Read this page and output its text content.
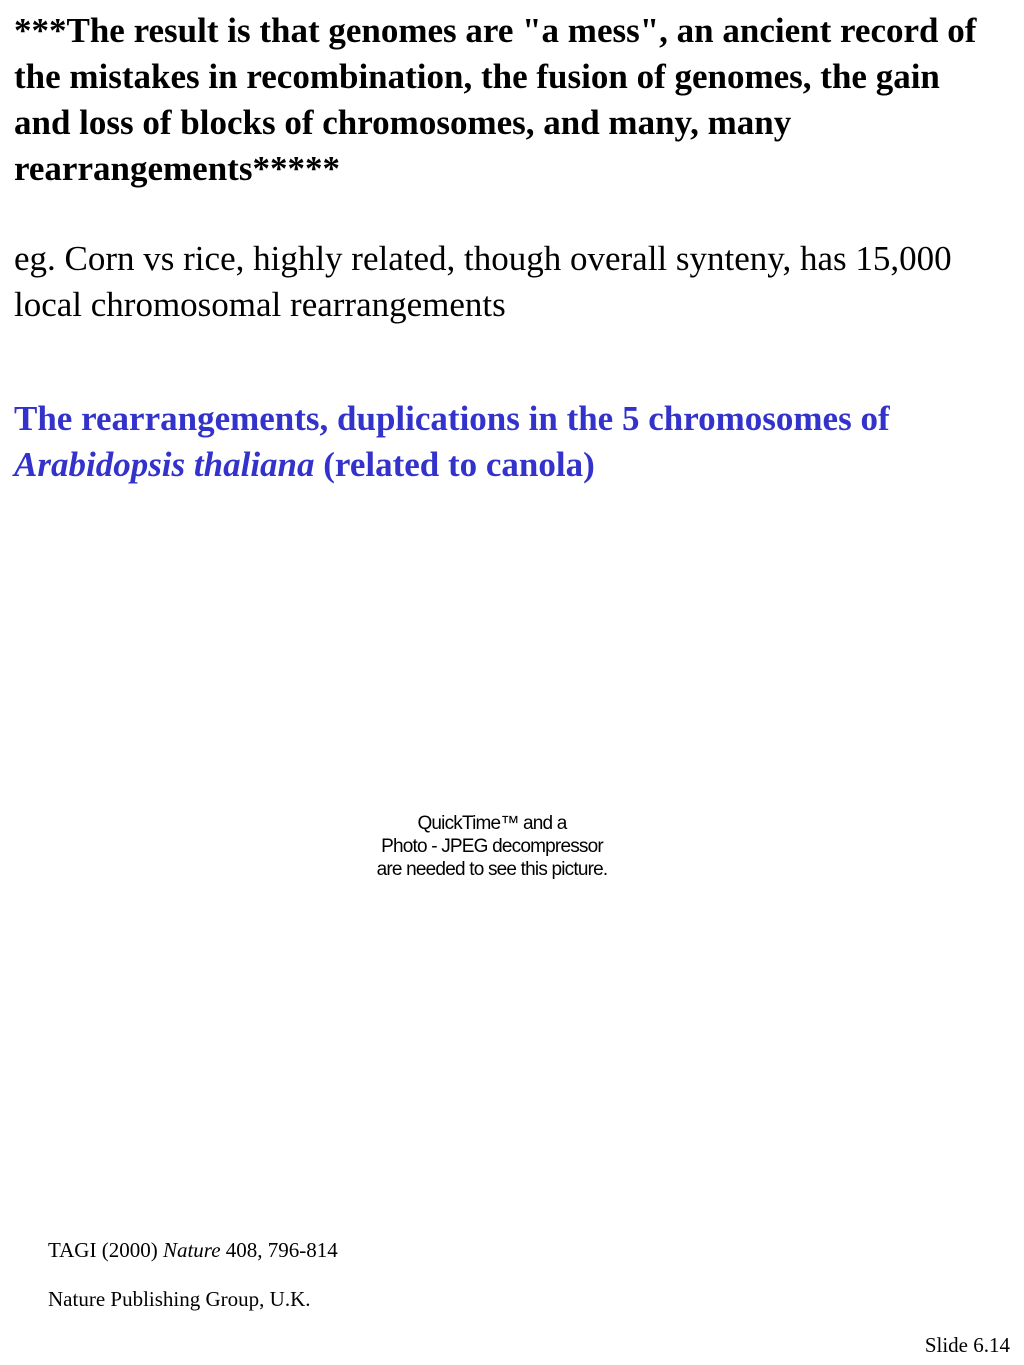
***The result is that genomes are "a mess", an ancient record of the mistakes in recombination, the fusion of genomes, the gain and loss of blocks of chromosomes, and many, many rearrangements*****

eg. Corn vs rice, highly related, though overall synteny, has 15,000 local chromosomal rearrangements

The rearrangements, duplications in the 5 chromosomes of Arabidopsis thaliana (related to canola)

QuickTime™ and a
Photo - JPEG decompressor
are needed to see this picture.

TAGI (2000) Nature 408, 796-814

Nature Publishing Group, U.K.

Slide 6.14
